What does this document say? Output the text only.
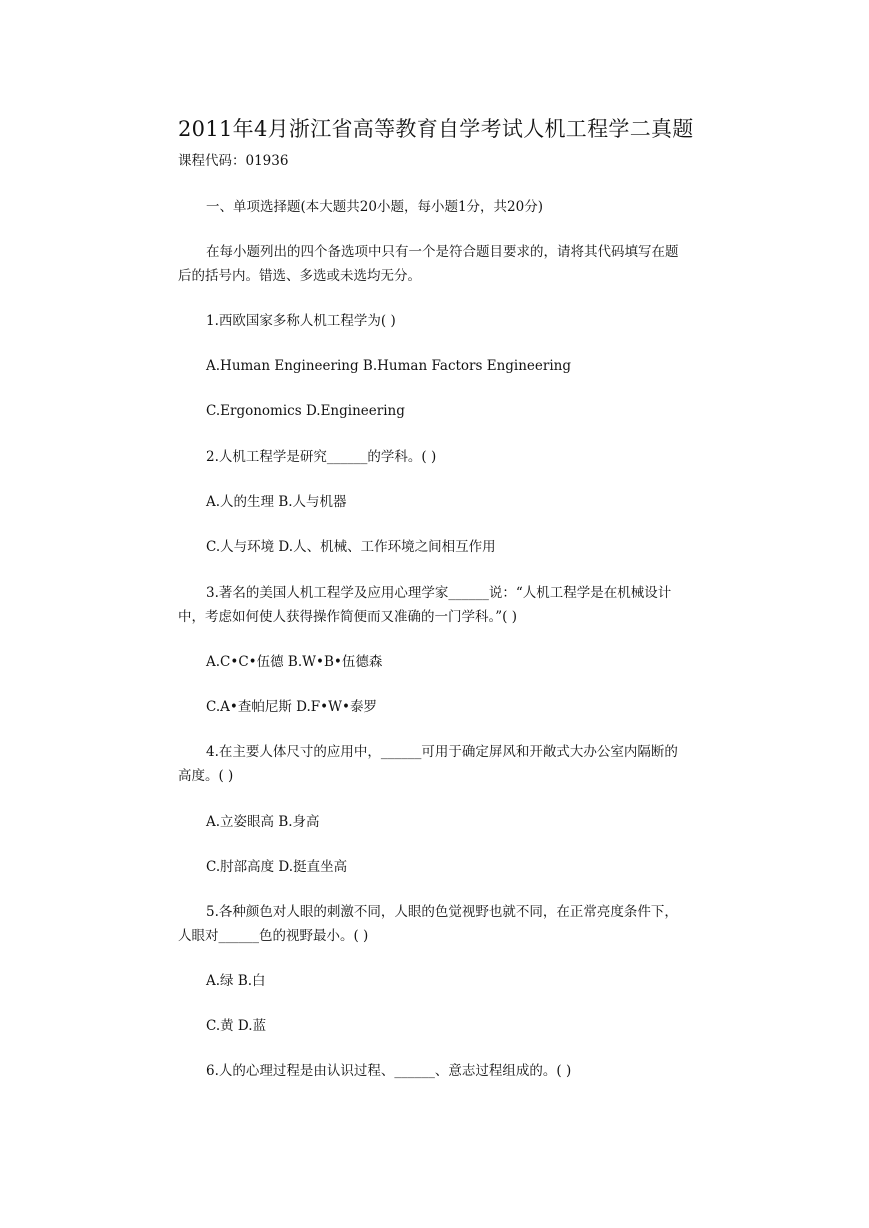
2011年4月浙江省高等教育自学考试人机工程学二真题
课程代码：01936
一、单项选择题(本大题共20小题，每小题1分，共20分)
在每小题列出的四个备选项中只有一个是符合题目要求的，请将其代码填写在题
后的括号内。错选、多选或未选均无分。
1.西欧国家多称人机工程学为( )
A.Human Engineering B.Human Factors Engineering
C.Ergonomics D.Engineering
2.人机工程学是研究______的学科。( )
A.人的生理 B.人与机器
C.人与环境 D.人、机械、工作环境之间相互作用
3.著名的美国人机工程学及应用心理学家______说：“人机工程学是在机械设计
中，考虑如何使人获得操作简便而又准确的一门学科。”( )
A.C•C•伍德 B.W•B•伍德森
C.A•查帕尼斯 D.F•W•泰罗
4.在主要人体尺寸的应用中，______可用于确定屏风和开敞式大办公室内隔断的
高度。( )
A.立姿眼高 B.身高
C.肘部高度 D.挺直坐高
5.各种颜色对人眼的刺激不同，人眼的色觉视野也就不同，在正常亮度条件下，
人眼对______色的视野最小。( )
A.绿 B.白
C.黄 D.蓝
6.人的心理过程是由认识过程、______、意志过程组成的。( )
